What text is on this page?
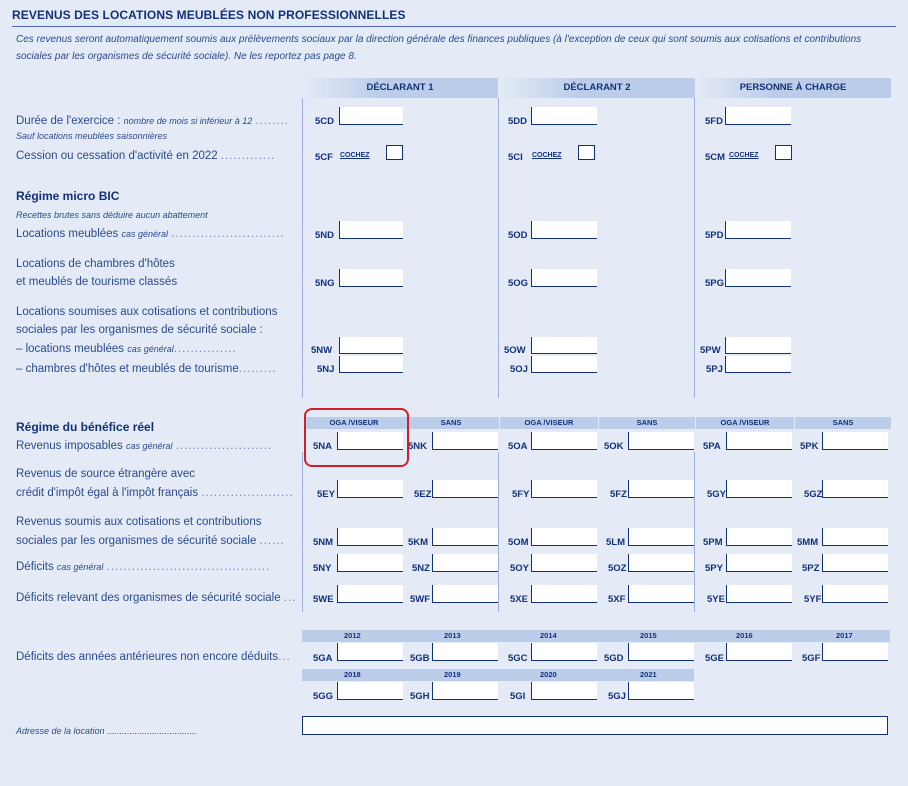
REVENUS DES LOCATIONS MEUBLÉES NON PROFESSIONNELLES
Ces revenus seront automatiquement soumis aux prélèvements sociaux par la direction générale des finances publiques (à l'exception de ceux qui sont soumis aux cotisations et contributions sociales par les organismes de sécurité sociale). Ne les reportez pas page 8.
DÉCLARANT 1	DÉCLARANT 2	PERSONNE À CHARGE
Durée de l'exercice : nombre de mois si inférieur à 12 ........
Sauf locations meublées saisonnières
5CD	5DD	5FD
Cession ou cessation d'activité en 2022 .............	5CF COCHEZ	5CI COCHEZ	5CM COCHEZ
Régime micro BIC
Recettes brutes sans déduire aucun abattement
Locations meublées cas général ...........................	5ND	5OD	5PD
Locations de chambres d'hôtes
et meublés de tourisme classés	5NG	5OG	5PG
Locations soumises aux cotisations et contributions
sociales par les organismes de sécurité sociale :
– locations meublées cas général...............	5NW	5OW	5PW
– chambres d'hôtes et meublés de tourisme.........	5NJ	5OJ	5PJ
Régime du bénéfice réel	OGA /VISEUR	SANS	OGA /VISEUR	SANS	OGA /VISEUR	SANS
Revenus imposables cas général .......................	5NA	5NK	5OA	5OK	5PA	5PK
Revenus de source étrangère avec
crédit d'impôt égal à l'impôt français ......................	5EY	5EZ	5FY	5FZ	5GY	5GZ
Revenus soumis aux cotisations et contributions
sociales par les organismes de sécurité sociale ......	5NM	5KM	5OM	5LM	5PM	5MM
Déficits cas général .......................................	5NY	5NZ	5OY	5OZ	5PY	5PZ
Déficits relevant des organismes de sécurité sociale ...	5WE	5WF	5XE	5XF	5YE	5YF
Déficits des années antérieures non encore déduits...
2012	2013	2014	2015	2016	2017
5GA	5GB	5GC	5GD	5GE	5GF
2018	2019	2020	2021
5GG	5GH	5GI	5GJ
Adresse de la location ....................................
